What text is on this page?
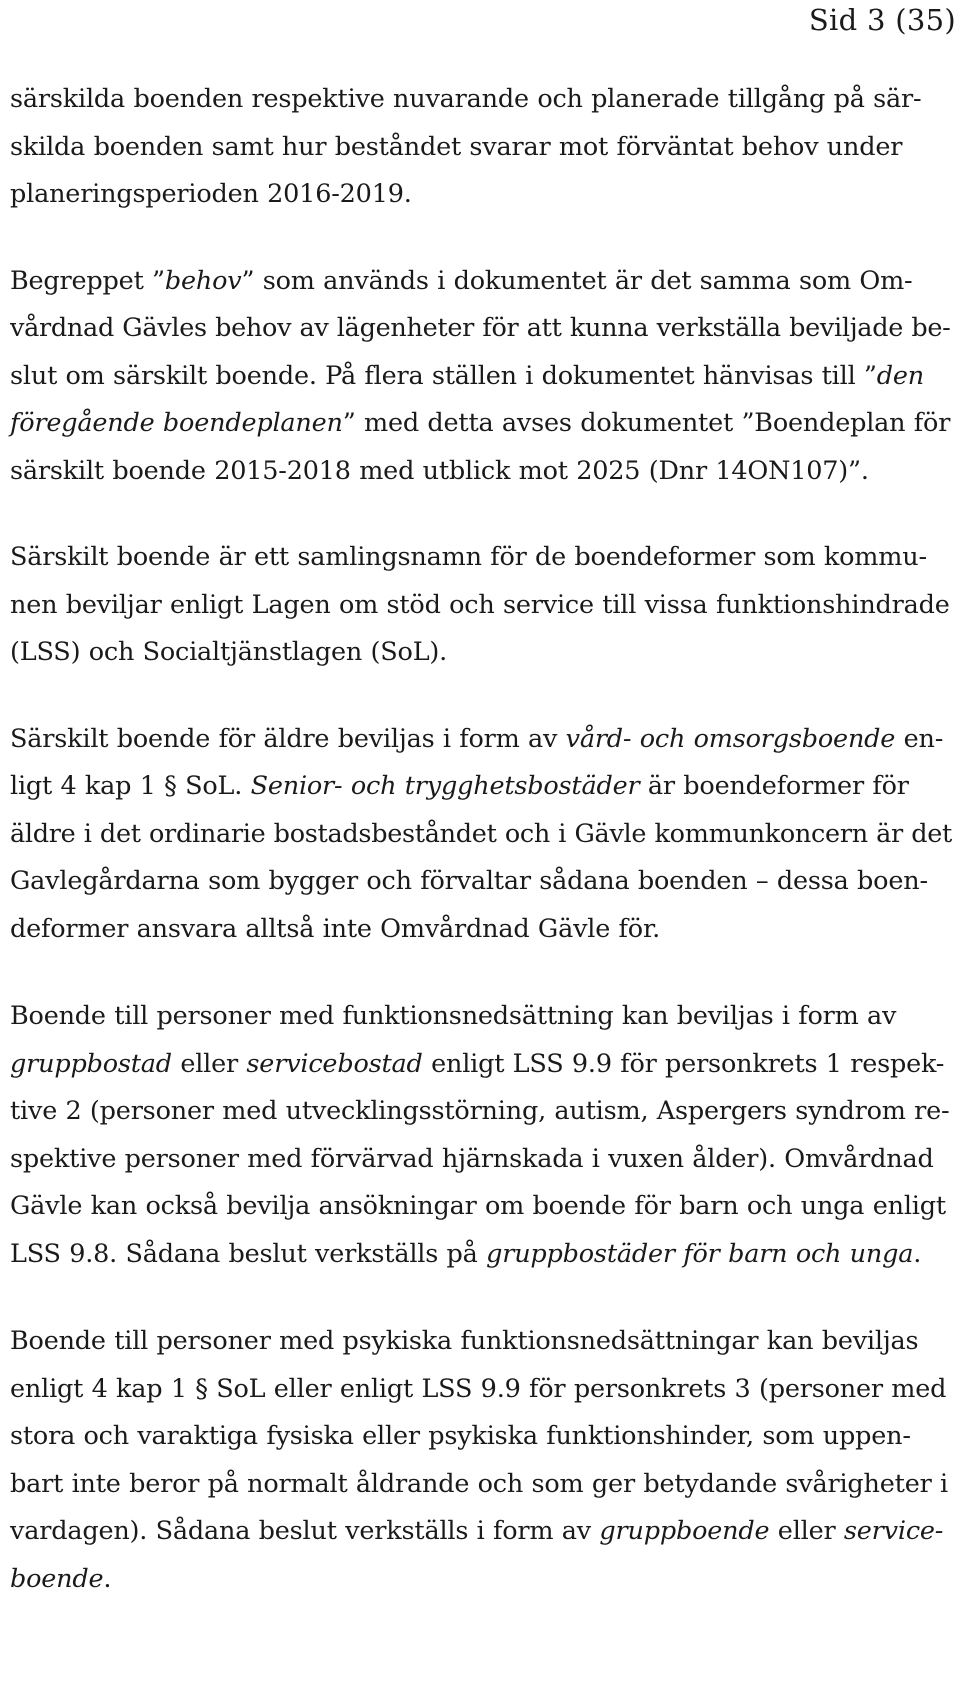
Sid 3 (35)
särskilda boenden respektive nuvarande och planerade tillgång på sär-
skilda boenden samt hur beståndet svarar mot förväntat behov under
planeringsperioden 2016-2019.
Begreppet ”behov” som används i dokumentet är det samma som Om-
vårdnad Gävles behov av lägenheter för att kunna verkställa beviljade be-
slut om särskilt boende. På flera ställen i dokumentet hänvisas till ”den
föregående boendeplanen” med detta avses dokumentet ”Boendeplan för
särskilt boende 2015-2018 med utblick mot 2025 (Dnr 14ON107)”.
Särskilt boende är ett samlingsnamn för de boendeformer som kommu-
nen beviljar enligt Lagen om stöd och service till vissa funktionshindrade
(LSS) och Socialtjänstlagen (SoL).
Särskilt boende för äldre beviljas i form av vård- och omsorgsboende en-
ligt 4 kap 1 § SoL. Senior- och trygghetsbostäder är boendeformer för
äldre i det ordinarie bostadsbeståndet och i Gävle kommunkoncern är det
Gavlegårdarna som bygger och förvaltar sådana boenden – dessa boen-
deformer ansvara alltså inte Omvårdnad Gävle för.
Boende till personer med funktionsnedsättning kan beviljas i form av
gruppbostad eller servicebostad enligt LSS 9.9 för personkrets 1 respek-
tive 2 (personer med utvecklingsstörning, autism, Aspergers syndrom re-
spektive personer med förvärvad hjärnskada i vuxen ålder). Omvårdnad
Gävle kan också bevilja ansökningar om boende för barn och unga enligt
LSS 9.8. Sådana beslut verkställs på gruppbostäder för barn och unga.
Boende till personer med psykiska funktionsnedsättningar kan beviljas
enligt 4 kap 1 § SoL eller enligt LSS 9.9 för personkrets 3 (personer med
stora och varaktiga fysiska eller psykiska funktionshinder, som uppen-
bart inte beror på normalt åldrande och som ger betydande svårigheter i
vardagen). Sådana beslut verkställs i form av gruppboende eller service-
boende.
